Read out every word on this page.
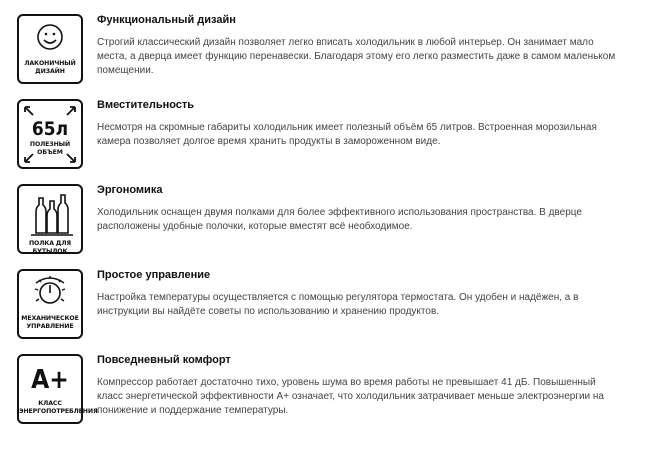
ЛАКОНИЧНЫЙ
ДИЗАЙН
Функциональный дизайн
Строгий классический дизайн позволяет легко вписать холодильник в любой интерьер. Он занимает мало места, а дверца имеет функцию перенавески. Благодаря этому его легко разместить даже в самом маленьком помещении.
65л
ПОЛЕЗНЫЙ ОБЪЕМ
Вместительность
Несмотря на скромные габариты холодильник имеет полезный объём 65 литров. Встроенная морозильная камера позволяет долгое время хранить продукты в замороженном виде.
ПОЛКА ДЛЯ БУТЫЛОК
Эргономика
Холодильник оснащен двумя полками для более эффективного использования пространства. В дверце расположены удобные полочки, которые вместят всё необходимое.
МЕХАНИЧЕСКОЕ
УПРАВЛЕНИЕ
Простое управление
Настройка температуры осуществляется с помощью регулятора термостата. Он удобен и надёжен, а в инструкции вы найдёте советы по использованию и хранению продуктов.
A+
КЛАСС
ЭНЕРГОПОТРЕБЛЕНИЯ
Повседневный комфорт
Компрессор работает достаточно тихо, уровень шума во время работы не превышает 41 дБ. Повышенный класс энергетической эффективности А+ означает, что холодильник затрачивает меньше электроэнергии на понижение и поддержание температуры.
